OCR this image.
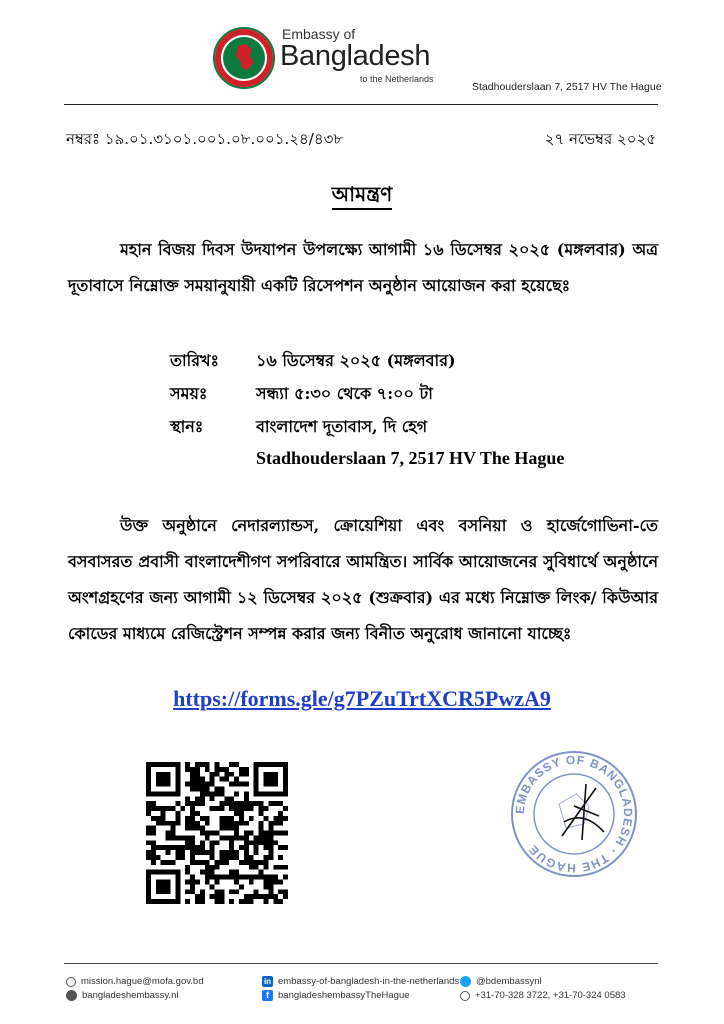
Embassy of
Bangladesh
to the Netherlands
Stadhouderslaan 7, 2517 HV The Hague
নম্বরঃ ১৯.০১.৩১০১.০০১.০৮.০০১.২৪/৪৩৮	২৭ নভেম্বর ২০২৫
আমন্ত্রণ
মহান বিজয় দিবস উদযাপন উপলক্ষ্যে আগামী ১৬ ডিসেম্বর ২০২৫ (মঙ্গলবার) অত্র দূতাবাসে নিম্নোক্ত সময়ানুযায়ী একটি রিসেপশন অনুষ্ঠান আয়োজন করা হয়েছেঃ
তারিখঃ ১৬ ডিসেম্বর ২০২৫ (মঙ্গলবার)
সময়ঃ	সন্ধ্যা ৫:৩০ থেকে ৭:০০ টা
স্থানঃ	বাংলাদেশ দূতাবাস, দি হেগ
Stadhouderslaan 7, 2517 HV The Hague
উক্ত অনুষ্ঠানে নেদারল্যান্ডস, ক্রোয়েশিয়া এবং বসনিয়া ও হার্জেগোভিনা-তে বসবাসরত প্রবাসী বাংলাদেশীগণ সপরিবারে আমন্ত্রিত। সার্বিক আয়োজনের সুবিধার্থে অনুষ্ঠানে অংশগ্রহণের জন্য আগামী ১২ ডিসেম্বর ২০২৫ (শুক্রবার) এর মধ্যে নিম্নোক্ত লিংক/ কিউআর কোডের মাধ্যমে রেজিস্ট্রেশন সম্পন্ন করার জন্য বিনীত অনুরোধ জানানো যাচ্ছেঃ
https://forms.gle/g7PZuTrtXCR5PwzA9
EMBASSY OF BANGLADESH · THE HAGUE
mission.hague@mofa.gov.bd
bangladeshembassy.nl
in embassy-of-bangladesh-in-the-netherlands
f bangladeshembassyTheHague
@bdembassynl
+31-70-328 3722, +31-70-324 0583
